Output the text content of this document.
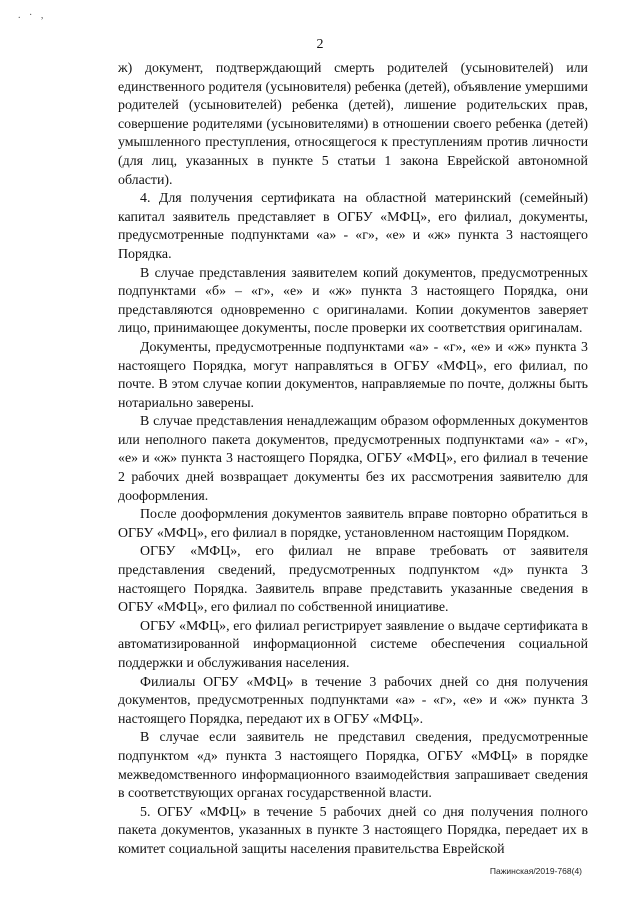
. · ,
2

ж) документ, подтверждающий смерть родителей (усыновителей) или единственного родителя (усыновителя) ребенка (детей), объявление умершими родителей (усыновителей) ребенка (детей), лишение родительских прав, совершение родителями (усыновителями) в отношении своего ребенка (детей) умышленного преступления, относящегося к преступлениям против личности (для лиц, указанных в пункте 5 статьи 1 закона Еврейской автономной области).

4. Для получения сертификата на областной материнский (семейный) капитал заявитель представляет в ОГБУ «МФЦ», его филиал, документы, предусмотренные подпунктами «а» - «г», «е» и «ж» пункта 3 настоящего Порядка.

В случае представления заявителем копий документов, предусмотренных подпунктами «б» – «г», «е» и «ж» пункта 3 настоящего Порядка, они представляются одновременно с оригиналами. Копии документов заверяет лицо, принимающее документы, после проверки их соответствия оригиналам.

Документы, предусмотренные подпунктами «а» - «г», «е» и «ж» пункта 3 настоящего Порядка, могут направляться в ОГБУ «МФЦ», его филиал, по почте. В этом случае копии документов, направляемые по почте, должны быть нотариально заверены.

В случае представления ненадлежащим образом оформленных документов или неполного пакета документов, предусмотренных подпунктами «а» - «г», «е» и «ж» пункта 3 настоящего Порядка, ОГБУ «МФЦ», его филиал в течение 2 рабочих дней возвращает документы без их рассмотрения заявителю для дооформления.

После дооформления документов заявитель вправе повторно обратиться в ОГБУ «МФЦ», его филиал в порядке, установленном настоящим Порядком.

ОГБУ «МФЦ», его филиал не вправе требовать от заявителя представления сведений, предусмотренных подпунктом «д» пункта 3 настоящего Порядка. Заявитель вправе представить указанные сведения в ОГБУ «МФЦ», его филиал по собственной инициативе.

ОГБУ «МФЦ», его филиал регистрирует заявление о выдаче сертификата в автоматизированной информационной системе обеспечения социальной поддержки и обслуживания населения.

Филиалы ОГБУ «МФЦ» в течение 3 рабочих дней со дня получения документов, предусмотренных подпунктами «а» - «г», «е» и «ж» пункта 3 настоящего Порядка, передают их в ОГБУ «МФЦ».

В случае если заявитель не представил сведения, предусмотренные подпунктом «д» пункта 3 настоящего Порядка, ОГБУ «МФЦ» в порядке межведомственного информационного взаимодействия запрашивает сведения в соответствующих органах государственной власти.

5. ОГБУ «МФЦ» в течение 5 рабочих дней со дня получения полного пакета документов, указанных в пункте 3 настоящего Порядка, передает их в комитет социальной защиты населения правительства Еврейской

Пажинская/2019-768(4)
